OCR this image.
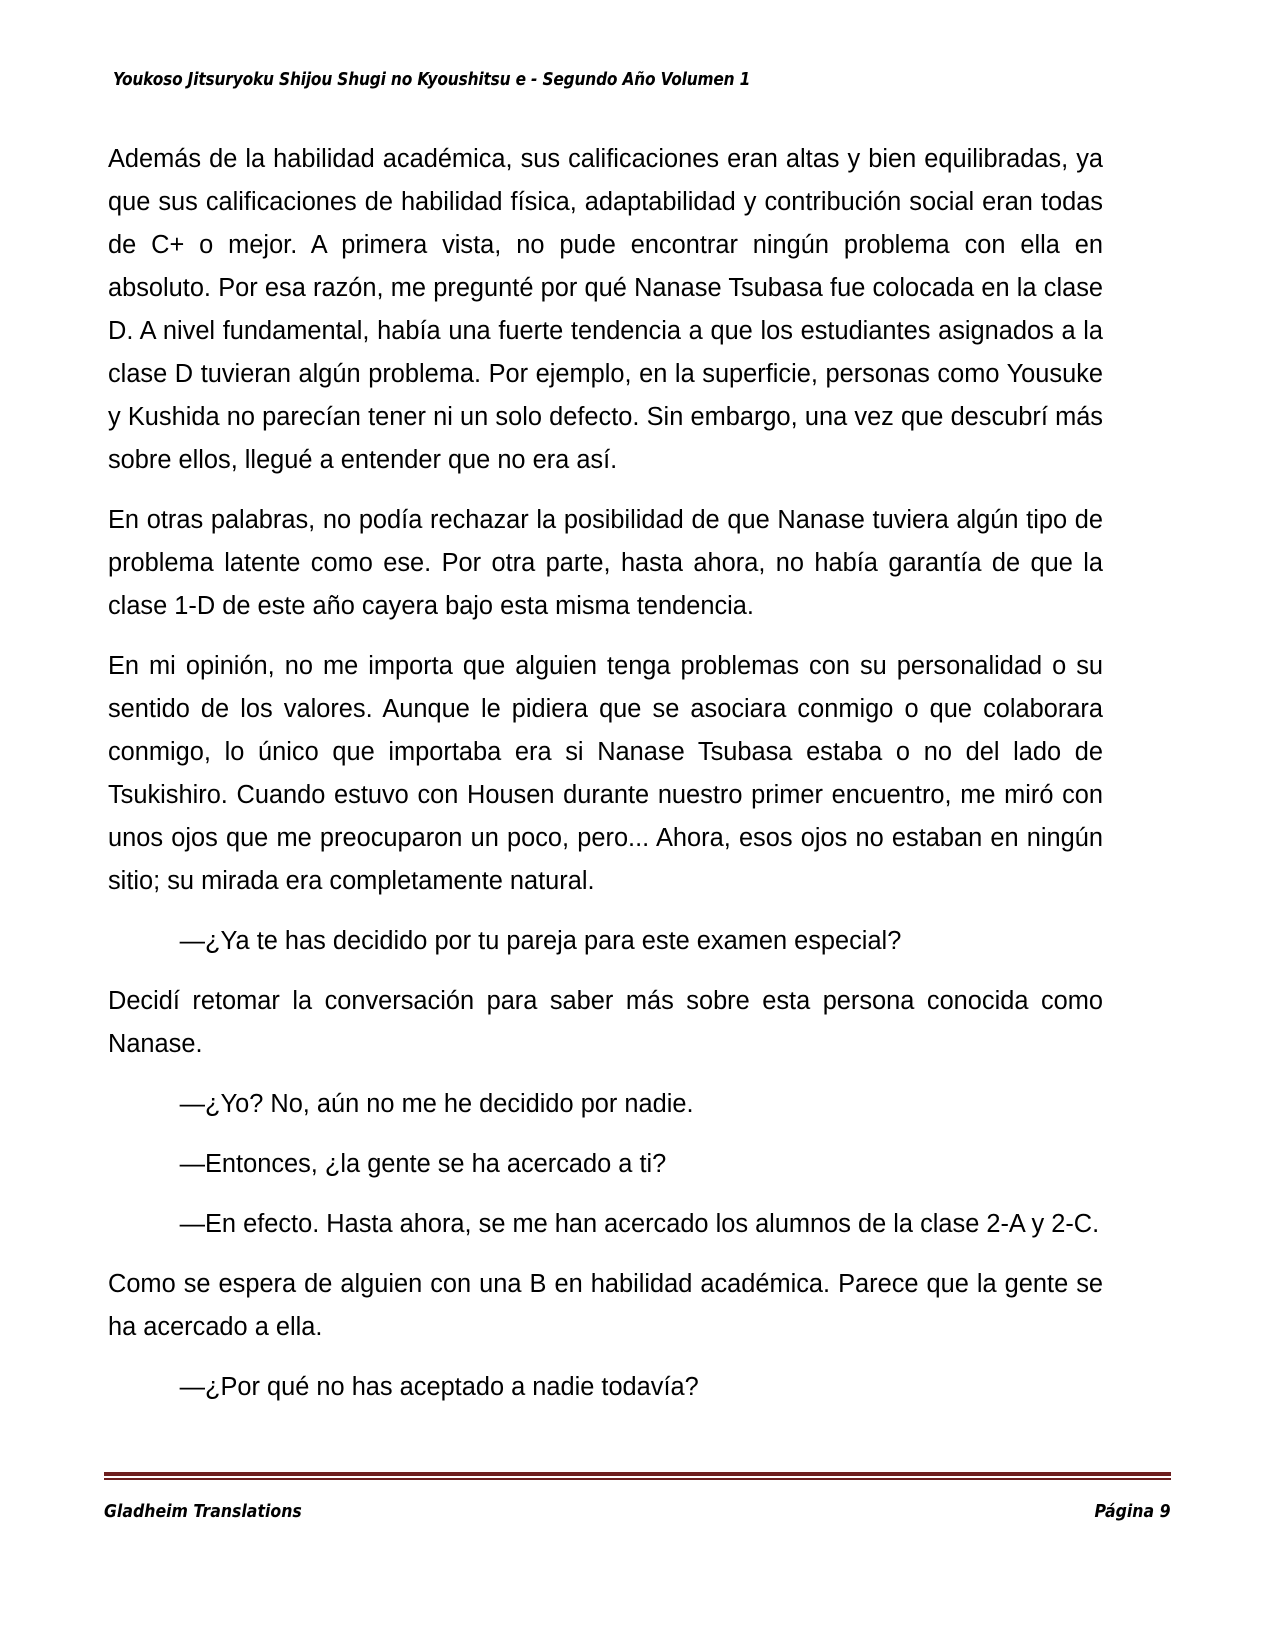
Youkoso Jitsuryoku Shijou Shugi no Kyoushitsu e - Segundo Año Volumen 1

Además de la habilidad académica, sus calificaciones eran altas y bien equilibradas, ya que sus calificaciones de habilidad física, adaptabilidad y contribución social eran todas de C+ o mejor. A primera vista, no pude encontrar ningún problema con ella en absoluto. Por esa razón, me pregunté por qué Nanase Tsubasa fue colocada en la clase D. A nivel fundamental, había una fuerte tendencia a que los estudiantes asignados a la clase D tuvieran algún problema. Por ejemplo, en la superficie, personas como Yousuke y Kushida no parecían tener ni un solo defecto. Sin embargo, una vez que descubrí más sobre ellos, llegué a entender que no era así.

En otras palabras, no podía rechazar la posibilidad de que Nanase tuviera algún tipo de problema latente como ese. Por otra parte, hasta ahora, no había garantía de que la clase 1-D de este año cayera bajo esta misma tendencia.

En mi opinión, no me importa que alguien tenga problemas con su personalidad o su sentido de los valores. Aunque le pidiera que se asociara conmigo o que colaborara conmigo, lo único que importaba era si Nanase Tsubasa estaba o no del lado de Tsukishiro. Cuando estuvo con Housen durante nuestro primer encuentro, me miró con unos ojos que me preocuparon un poco, pero... Ahora, esos ojos no estaban en ningún sitio; su mirada era completamente natural.

—¿Ya te has decidido por tu pareja para este examen especial?

Decidí retomar la conversación para saber más sobre esta persona conocida como Nanase.

—¿Yo? No, aún no me he decidido por nadie.

—Entonces, ¿la gente se ha acercado a ti?

—En efecto. Hasta ahora, se me han acercado los alumnos de la clase 2-A y 2-C.

Como se espera de alguien con una B en habilidad académica. Parece que la gente se ha acercado a ella.

—¿Por qué no has aceptado a nadie todavía?

Gladheim Translations	Página 9
